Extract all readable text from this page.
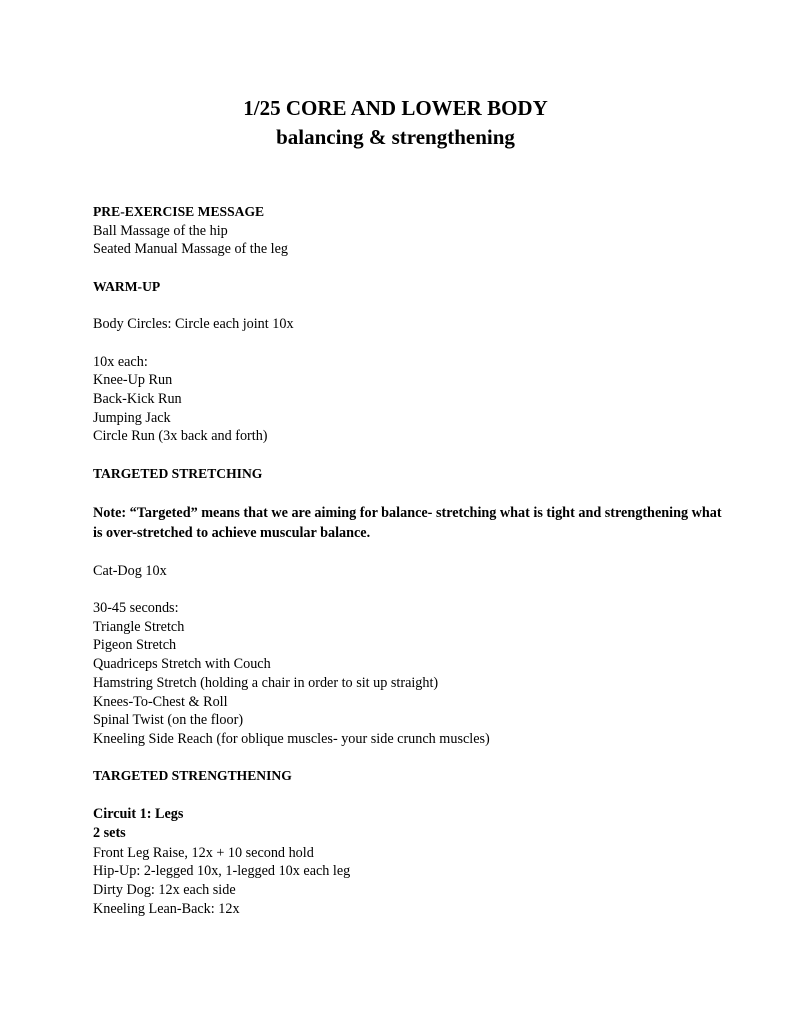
1/25 CORE AND LOWER BODY
balancing & strengthening
PRE-EXERCISE MESSAGE
Ball Massage of the hip
Seated Manual Massage of the leg
WARM-UP
Body Circles: Circle each joint 10x
10x each:
Knee-Up Run
Back-Kick Run
Jumping Jack
Circle Run (3x back and forth)
TARGETED STRETCHING
Note: “Targeted” means that we are aiming for balance- stretching what is tight and strengthening what is over-stretched to achieve muscular balance.
Cat-Dog 10x
30-45 seconds:
Triangle Stretch
Pigeon Stretch
Quadriceps Stretch with Couch
Hamstring Stretch (holding a chair in order to sit up straight)
Knees-To-Chest & Roll
Spinal Twist (on the floor)
Kneeling Side Reach (for oblique muscles- your side crunch muscles)
TARGETED STRENGTHENING
Circuit 1: Legs
2 sets
Front Leg Raise, 12x + 10 second hold
Hip-Up: 2-legged 10x, 1-legged 10x each leg
Dirty Dog: 12x each side
Kneeling Lean-Back: 12x
